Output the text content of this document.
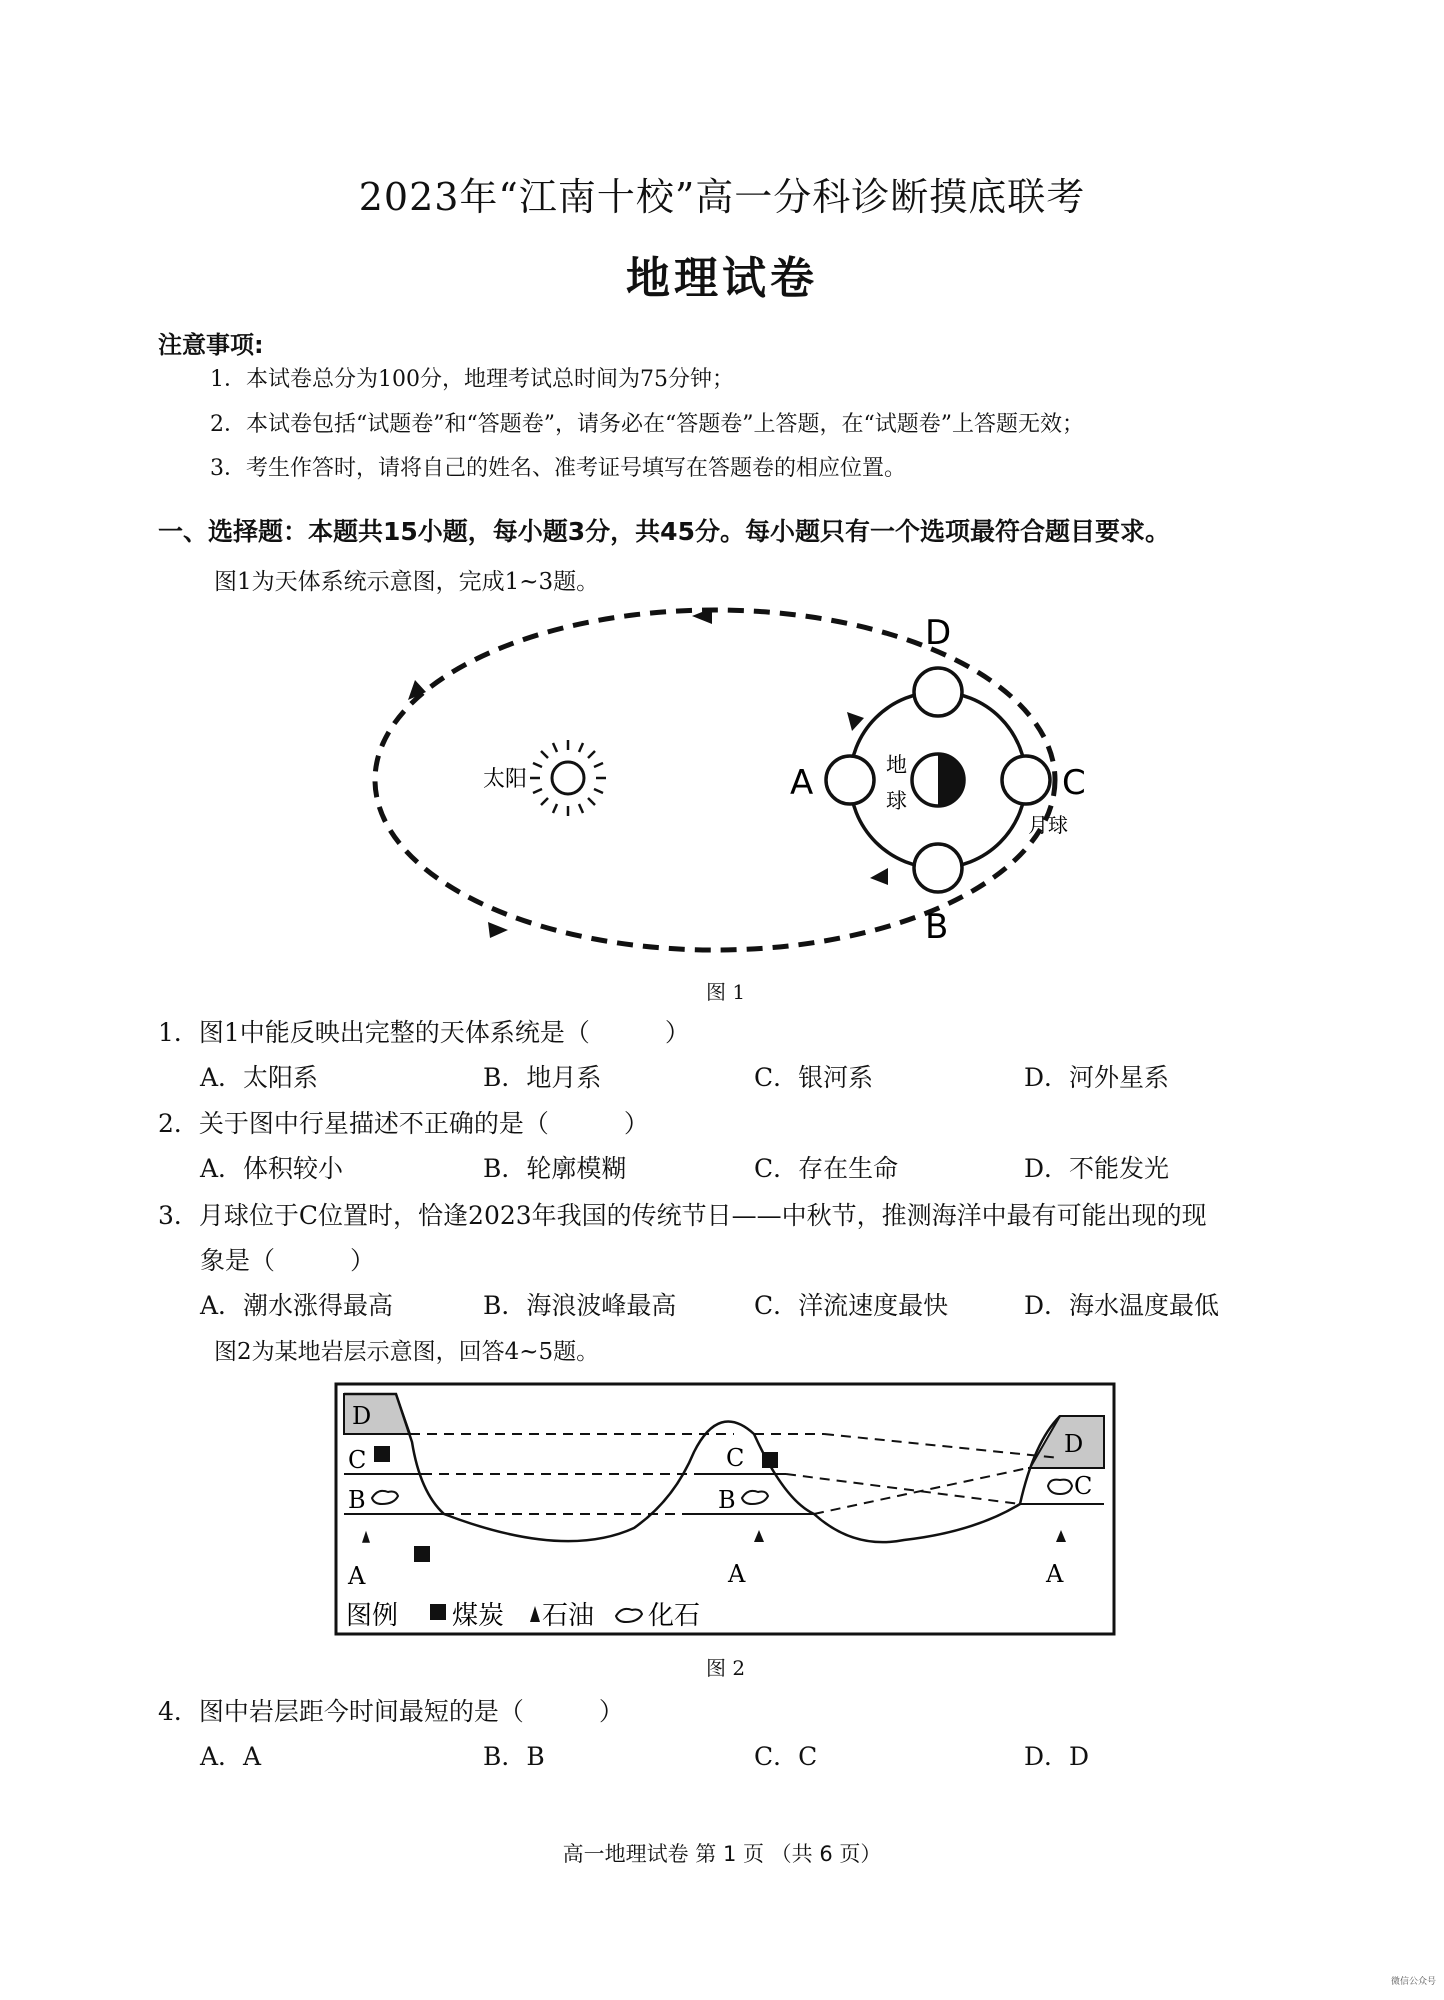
2023年“江南十校”高一分科诊断摸底联考
地理试卷
注意事项:
1．本试卷总分为100分，地理考试总时间为75分钟；
2．本试卷包括“试题卷”和“答题卷”，请务必在“答题卷”上答题，在“试题卷”上答题无效；
3．考生作答时，请将自己的姓名、准考证号填写在答题卷的相应位置。
一、选择题：本题共15小题，每小题3分，共45分。每小题只有一个选项最符合题目要求。
图1为天体系统示意图，完成1~3题。
太阳
地
球
D
A	C
B
月球
图 1
1．图1中能反映出完整的天体系统是（　　　）
A．太阳系	B．地月系	C．银河系	D．河外星系
2．关于图中行星描述不正确的是（　　　）
A．体积较小	B．轮廓模糊	C．存在生命	D．不能发光
3．月球位于C位置时，恰逢2023年我国的传统节日——中秋节，推测海洋中最有可能出现的现
象是（　　　）
A．潮水涨得最高	B．海浪波峰最高	C．洋流速度最快	D．海水温度最低
图2为某地岩层示意图，回答4~5题。
D
C
B
A
C
B
A
D
C
A
图例 煤炭 石油 化石
图 2
4．图中岩层距今时间最短的是（　　　）
A．A	B．B	C．C	D．D
高一地理试卷 第 1 页 （共 6 页）
微信公众号
